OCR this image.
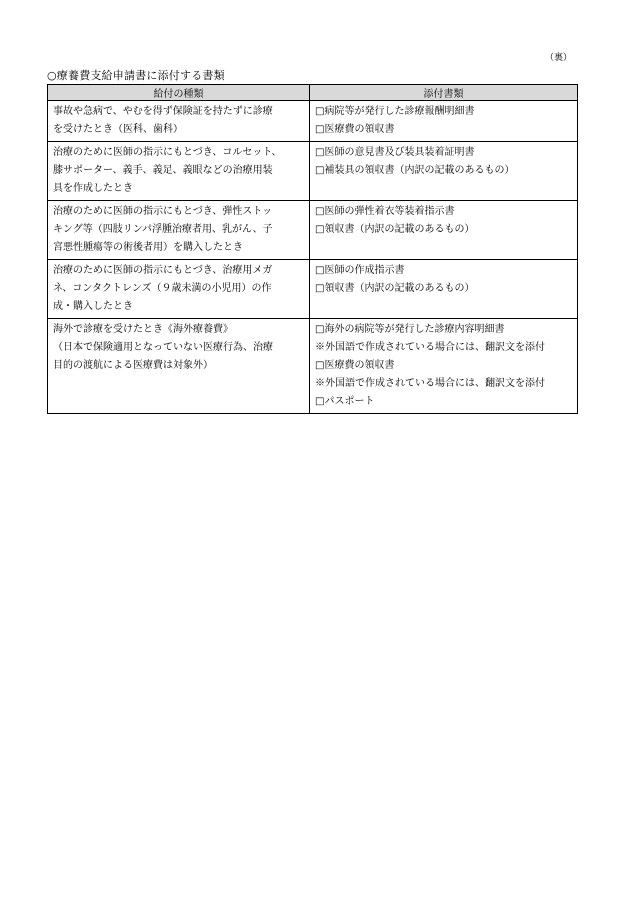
（裏）
○療養費支給申請書に添付する書類
給付の種類	添付書類

事故や急病で、やむを得ず保険証を持たずに診療
を受けたとき（医科、歯科）	□病院等が発行した診療報酬明細書
□医療費の領収書

治療のために医師の指示にもとづき、コルセット、
膝サポーター、義手、義足、義眼などの治療用装
具を作成したとき	□医師の意見書及び装具装着証明書
□補装具の領収書（内訳の記載のあるもの）

治療のために医師の指示にもとづき、弾性ストッ
キング等（四肢リンパ浮腫治療者用、乳がん、子
宮悪性腫瘍等の術後者用）を購入したとき	□医師の弾性着衣等装着指示書
□領収書（内訳の記載のあるもの）

治療のために医師の指示にもとづき、治療用メガ
ネ、コンタクトレンズ（９歳未満の小児用）の作
成・購入したとき	□医師の作成指示書
□領収書（内訳の記載のあるもの）

海外で診療を受けたとき《海外療養費》
（日本で保険適用となっていない医療行為、治療
目的の渡航による医療費は対象外）	□海外の病院等が発行した診療内容明細書
※外国語で作成されている場合には、翻訳文を添付
□医療費の領収書
※外国語で作成されている場合には、翻訳文を添付
□パスポート
